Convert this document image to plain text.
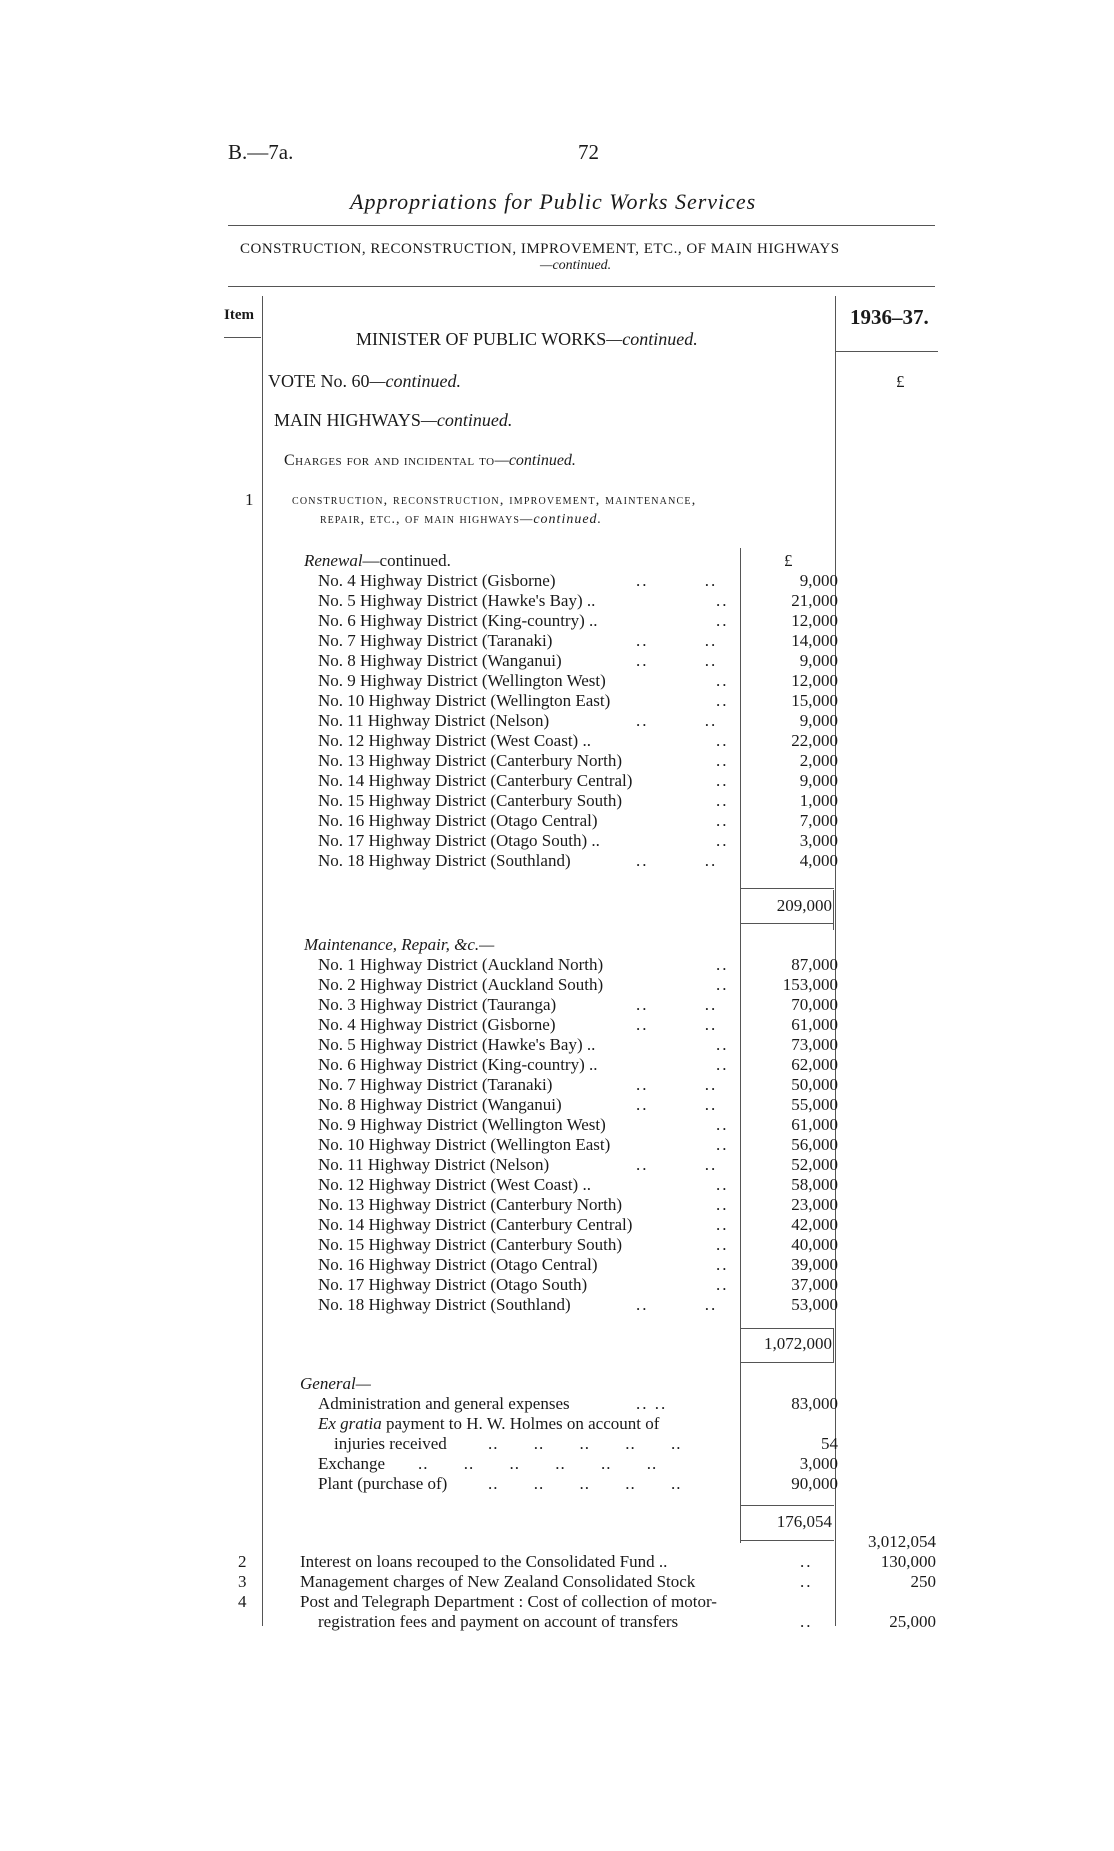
B.—7a.	72
Appropriations for Public Works Services
CONSTRUCTION, RECONSTRUCTION, IMPROVEMENT, ETC., OF MAIN HIGHWAYS
—continued.
Item	1936–37.
£
MINISTER OF PUBLIC WORKS—continued.
VOTE No. 60—continued.
MAIN HIGHWAYS—continued.
Charges for and incidental to—continued.
1	construction, reconstruction, improvement, maintenance,
repair, etc., of main highways—continued.
Renewal—continued.	£
No. 4 Highway District (Gisborne)	.. ..	9,000
No. 5 Highway District (Hawke's Bay) ..	..	21,000
No. 6 Highway District (King-country) ..	..	12,000
No. 7 Highway District (Taranaki)	.. ..	14,000
No. 8 Highway District (Wanganui)	.. ..	9,000
No. 9 Highway District (Wellington West)	..	12,000
No. 10 Highway District (Wellington East)	..	15,000
No. 11 Highway District (Nelson)	.. ..	9,000
No. 12 Highway District (West Coast) ..	..	22,000
No. 13 Highway District (Canterbury North)	..	2,000
No. 14 Highway District (Canterbury Central)	..	9,000
No. 15 Highway District (Canterbury South)	..	1,000
No. 16 Highway District (Otago Central)	..	7,000
No. 17 Highway District (Otago South) ..	..	3,000
No. 18 Highway District (Southland)	.. ..	4,000
209,000
Maintenance, Repair, &c.—
No. 1 Highway District (Auckland North)	..	87,000
No. 2 Highway District (Auckland South)	..	153,000
No. 3 Highway District (Tauranga)	.. ..	70,000
No. 4 Highway District (Gisborne)	.. ..	61,000
No. 5 Highway District (Hawke's Bay) ..	..	73,000
No. 6 Highway District (King-country) ..	..	62,000
No. 7 Highway District (Taranaki)	.. ..	50,000
No. 8 Highway District (Wanganui)	.. ..	55,000
No. 9 Highway District (Wellington West)	..	61,000
No. 10 Highway District (Wellington East)	..	56,000
No. 11 Highway District (Nelson)	.. ..	52,000
No. 12 Highway District (West Coast) ..	..	58,000
No. 13 Highway District (Canterbury North)	..	23,000
No. 14 Highway District (Canterbury Central)	..	42,000
No. 15 Highway District (Canterbury South)	..	40,000
No. 16 Highway District (Otago Central)	..	39,000
No. 17 Highway District (Otago South)	..	37,000
No. 18 Highway District (Southland)	.. ..	53,000
1,072,000
General—
Administration and general expenses	.. ..	83,000
Ex gratia payment to H. W. Holmes on account of
injuries received .. .. .. .. ..	54
Exchange .. .. .. .. .. ..	3,000
Plant (purchase of) .. .. .. .. ..	90,000
176,054
3,012,054
2	Interest on loans recouped to the Consolidated Fund ..	..	130,000
3	Management charges of New Zealand Consolidated Stock	..	250
4	Post and Telegraph Department : Cost of collection of motor-
registration fees and payment on account of transfers	..	25,000
